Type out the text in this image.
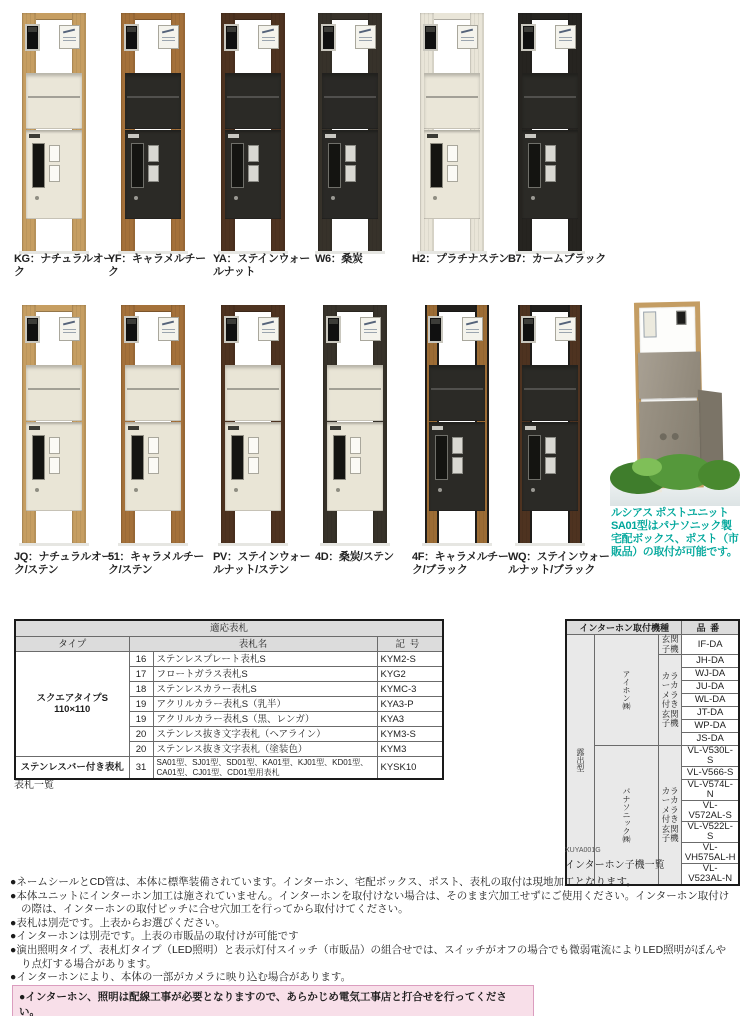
KG：ナチュラルオーク
YF：キャラメルチーク
YA：ステインウォールナット
W6：桑炭	H2：プラチナステン B7：カームブラック
JQ：ナチュラルオーク/ステン
51：キャラメルチーク/ステン
PV：ステインウォールナット/ステン
4D：桑炭/ステン	4F：キャラメルチーク/ブラック
WQ：ステインウォールナット/ブラック
ルシアス ポストユニット SA01型はパナソニック製宅配ボックス、ポスト（市販品）の取付が可能です。
適応表札			
タイプ	表札名		記号
スクエアタイプS
110×110	16	ステンレスプレート表札S	KYM2-S
	17	フロートガラス表札S	KYG2
	18	ステンレスカラー表札S	KYMC-3
	19	アクリルカラー表札S（乳半）	KYA3-P
	19	アクリルカラー表札S（黒、レンガ）	KYA3
	20	ステンレス抜き文字表札（ヘアライン）	KYM3-S
	20	ステンレス抜き文字表札（塗装色）	KYM3
ステンレスバー付き表札	31	SA01型、SJ01型、SD01型、KA01型、KJ01型、KD01型、CA01型、CJ01型、CD01型用表札	KYSK10
表札一覧
インターホン取付機種			品番
露出型	アイホン㈱	玄関子機	IF-DA
		カラーカメラ付き玄関子機	JH-DA
			WJ-DA
			JU-DA
			WL-DA
			JT-DA
			WP-DA
			JS-DA
	パナソニック㈱	カラーカメラ付き玄関子機	VL-V530L-S
			VL-V566-S
			VL-V574L-N
			VL-V572AL-S
			VL-V522L-S
			VL-VH575AL-H
			VL-V523AL-N
XUYA001G
インターホン子機一覧
●ネームシールとCD管は、本体に標準装備されています。インターホン、宅配ボックス、ポスト、表札の取付は現地加工となります。
●本体ユニットにインターホン加工は施されていません。インターホンを取付けない場合は、そのまま穴加工せずにご使用ください。インターホン取付けの際は、インターホンの取付ピッチに合せ穴加工を行ってから取付けてください。
●表札は別売です。上表からお選びください。
●インターホンは別売です。上表の市販品の取付けが可能です
●演出照明タイプ、表札灯タイプ（LED照明）と表示灯付スイッチ（市販品）の組合せでは、スイッチがオフの場合でも微弱電流によりLED照明がぼんやり点灯する場合があります。
●インターホンにより、本体の一部がカメラに映り込む場合があります。
●インターホン、照明は配線工事が必要となりますので、あらかじめ電気工事店と打合せを行ってください。
